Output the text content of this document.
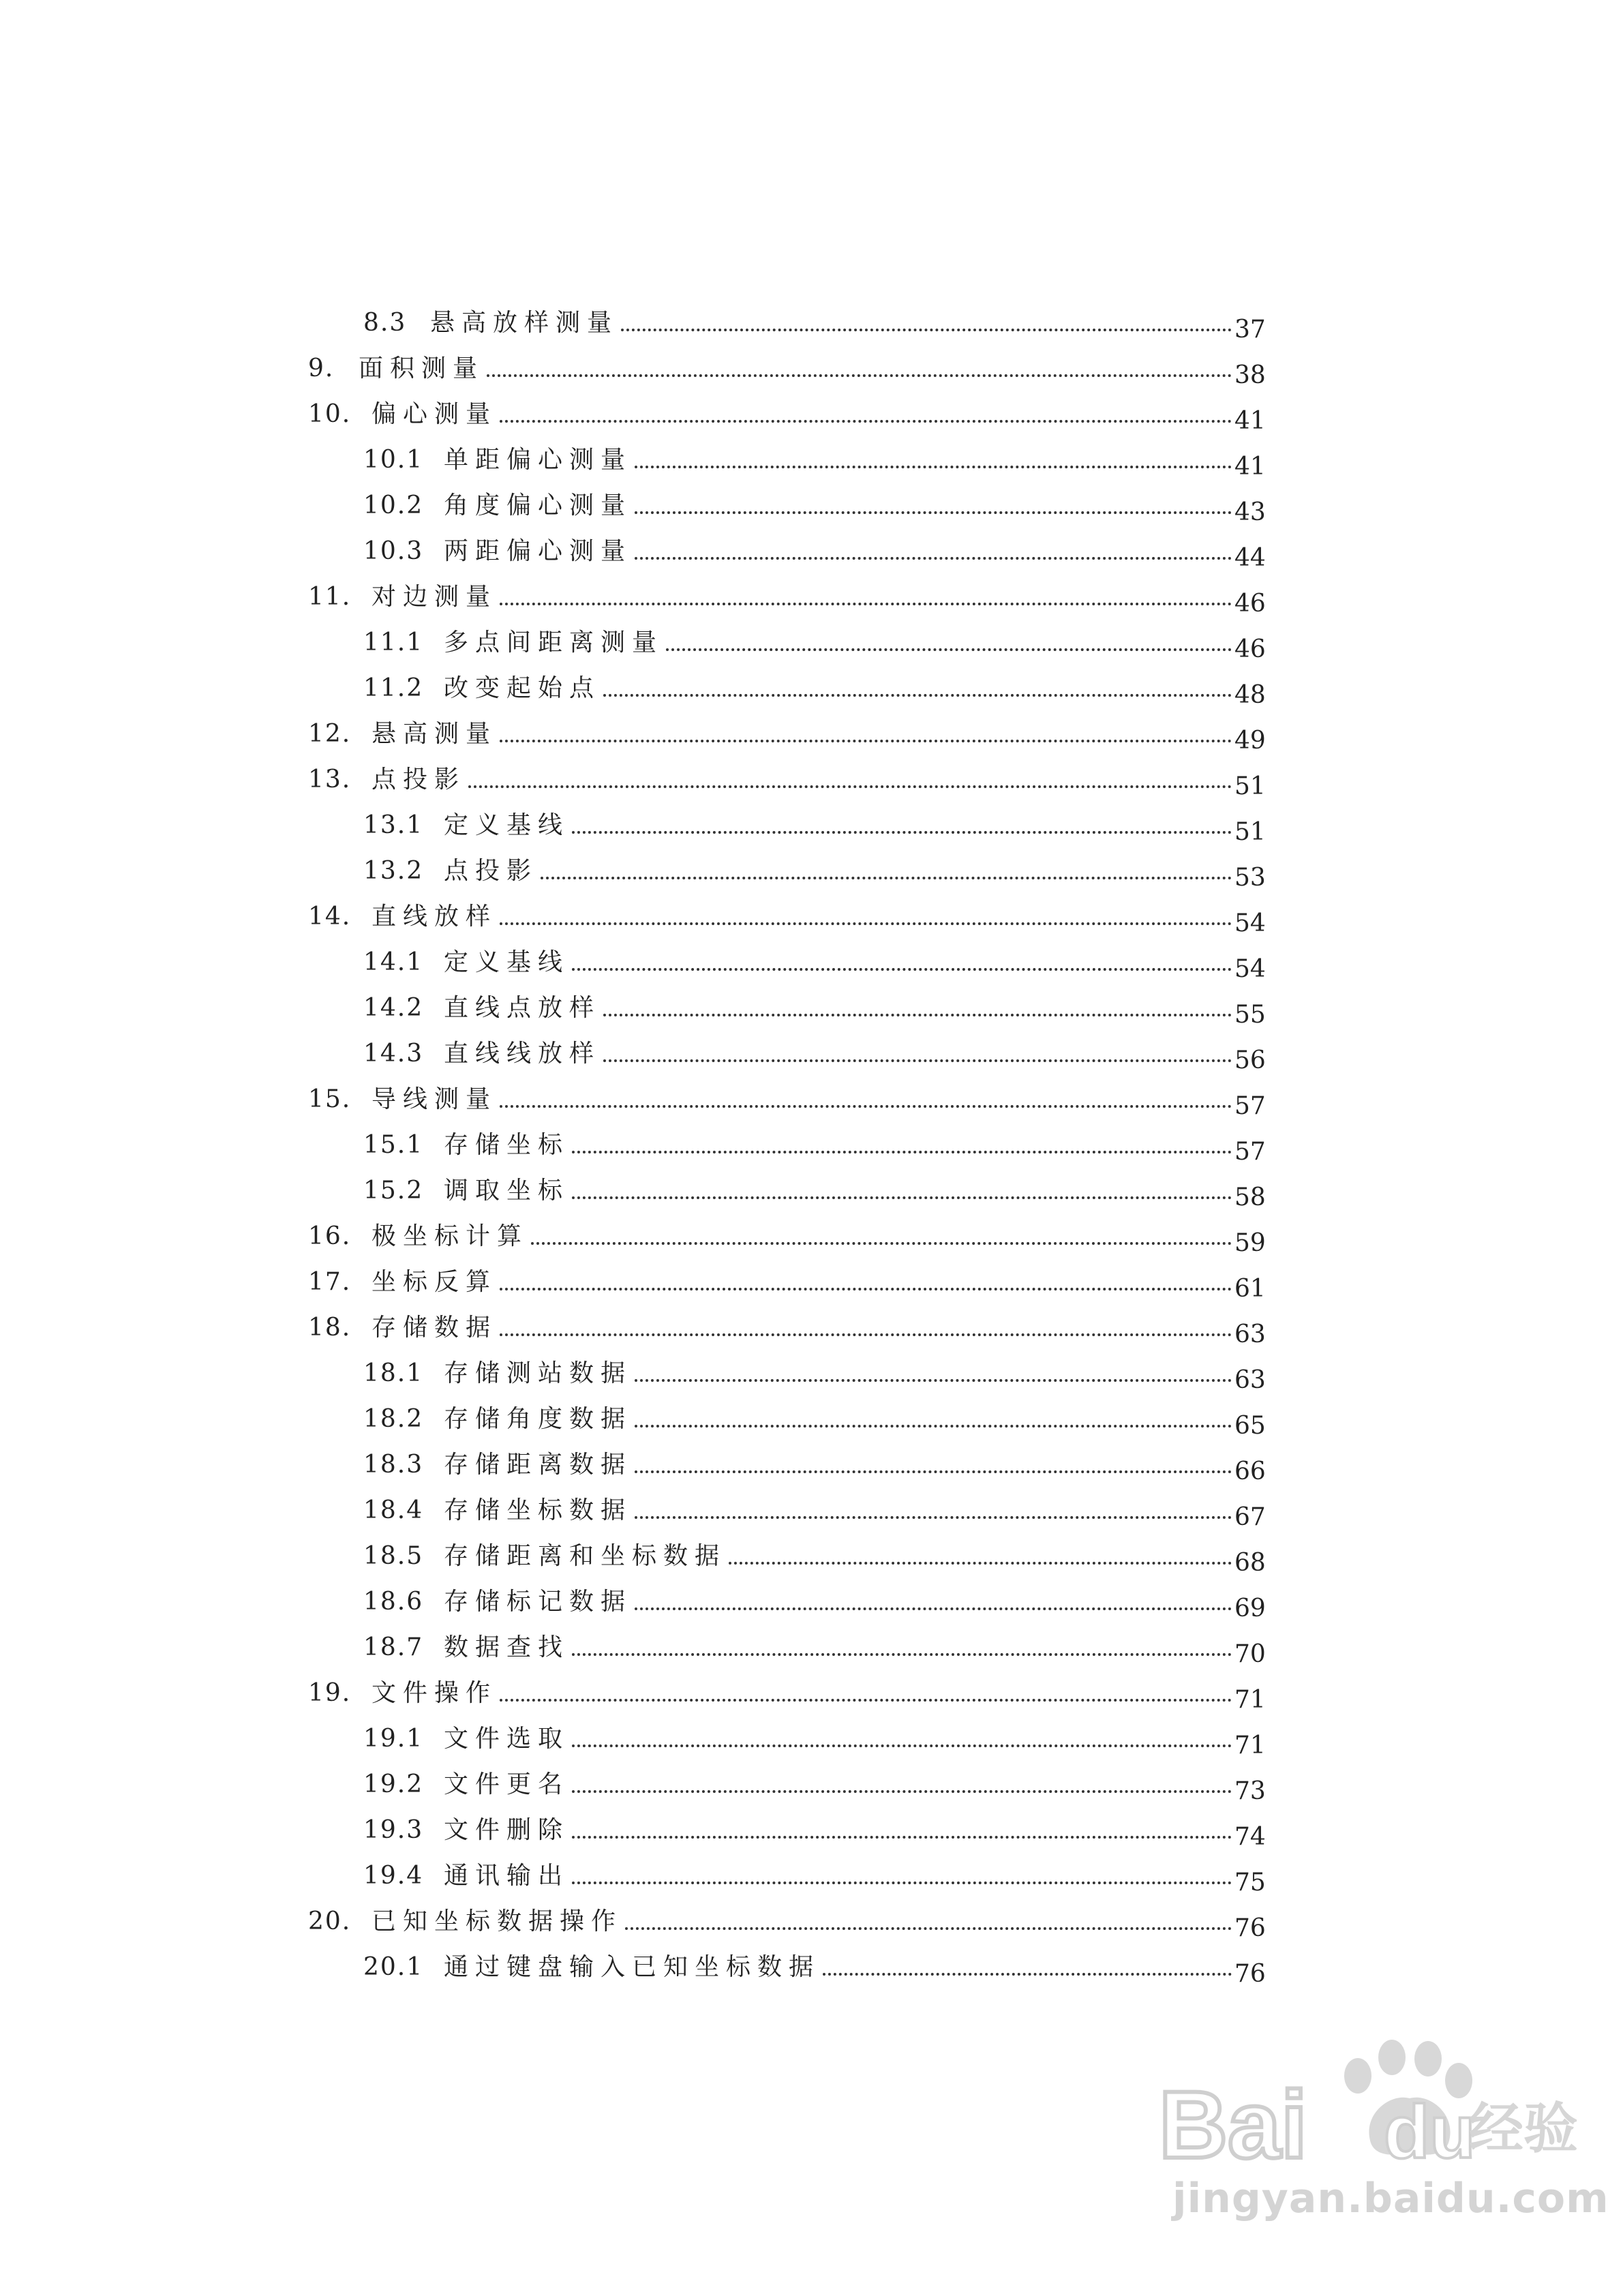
8.3 悬高放样测量	37
9. 面积测量	38
10. 偏心测量	41
10.1 单距偏心测量	41
10.2 角度偏心测量	43
10.3 两距偏心测量	44
11. 对边测量	46
11.1 多点间距离测量	46
11.2 改变起始点	48
12. 悬高测量	49
13. 点投影	51
13.1 定义基线	51
13.2 点投影	53
14. 直线放样	54
14.1 定义基线	54
14.2 直线点放样	55
14.3 直线线放样	56
15. 导线测量	57
15.1 存储坐标	57
15.2 调取坐标	58
16. 极坐标计算	59
17. 坐标反算	61
18. 存储数据	63
18.1 存储测站数据	63
18.2 存储角度数据	65
18.3 存储距离数据	66
18.4 存储坐标数据	67
18.5 存储距离和坐标数据	68
18.6 存储标记数据	69
18.7 数据查找	70
19. 文件操作	71
19.1 文件选取	71
19.2 文件更名	73
19.3 文件删除	74
19.4 通讯输出	75
20. 已知坐标数据操作	76
20.1 通过键盘输入已知坐标数据	76
Bai du
经验
jingyan.baidu.com
